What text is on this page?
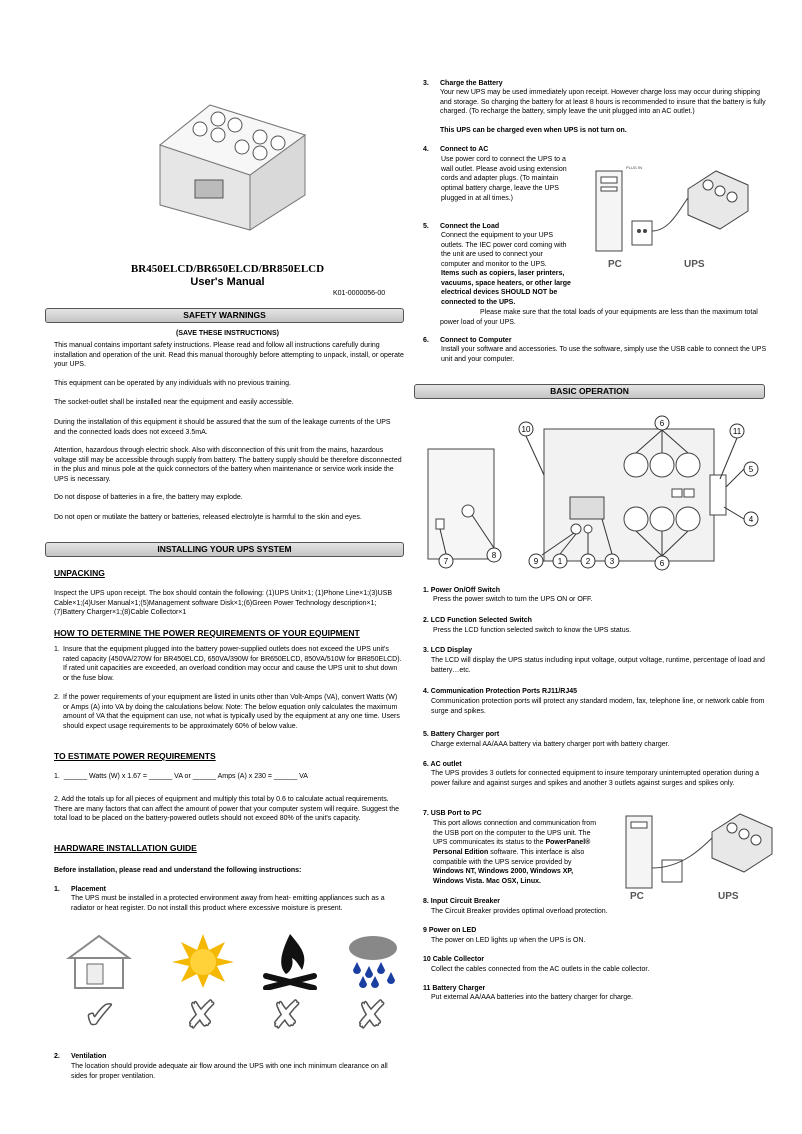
BR450ELCD/BR650ELCD/BR850ELCD
User's Manual
K01-0000056-00
SAFETY WARNINGS
(SAVE THESE INSTRUCTIONS)
This manual contains important safety instructions. Please read and follow all instructions carefully during installation and operation of the unit. Read this manual thoroughly before attempting to unpack, install, or operate your UPS.
This equipment can be operated by any individuals with no previous training.
The socket-outlet shall be installed near the equipment and easily accessible.
During the installation of this equipment it should be assured that the sum of the leakage currents of the UPS and the connected loads does not exceed 3.5mA.
Attention, hazardous through electric shock. Also with disconnection of this unit from the mains, hazardous voltage still may be accessible through supply from battery. The battery supply should be therefore disconnected in the plus and minus pole at the quick connectors of the battery when maintenance or service work inside the UPS is necessary.
Do not dispose of batteries in a fire, the battery may explode.
Do not open or mutilate the battery or batteries, released electrolyte is harmful to the skin and eyes.
INSTALLING YOUR UPS SYSTEM
UNPACKING
Inspect the UPS upon receipt. The box should contain the following: (1)UPS Unit×1; (1)Phone Line×1;(3)USB Cable×1;(4)User Manual×1;(5)Management software Disk×1;(6)Green Power Technology description×1;(7)Battery Charger×1;(8)Cable Collector×1
HOW TO DETERMINE THE POWER REQUIREMENTS OF YOUR EQUIPMENT
1. Insure that the equipment plugged into the battery power-supplied outlets does not exceed the UPS unit's rated capacity (450VA/270W for BR450ELCD, 650VA/390W for BR650ELCD, 850VA/510W for BR850ELCD). If rated unit capacities are exceeded, an overload condition may occur and cause the UPS unit to shut down or the fuse blow.
2. If the power requirements of your equipment are listed in units other than Volt-Amps (VA), convert Watts (W) or Amps (A) into VA by doing the calculations below. Note: The below equation only calculates the maximum amount of VA that the equipment can use, not what is typically used by the equipment at any one time. Users should expect usage requirements to be approximately 60% of below value.
TO ESTIMATE POWER REQUIREMENTS
1.  ______ Watts (W) x 1.67 = ______ VA or ______ Amps (A) x 230 = ______ VA
2. Add the totals up for all pieces of equipment and multiply this total by 0.6 to calculate actual requirements. There are many factors that can affect the amount of power that your computer system will require. Suggest the total load to be placed on the battery-powered outlets should not exceed 80% of the unit's capacity.
HARDWARE INSTALLATION GUIDE
Before installation, please read and understand the following instructions:
1. Placement
The UPS must be installed in a protected environment away from heat- emitting appliances such as a radiator or heat register. Do not install this product where excessive moisture is present.
✔ ✘ ✘ ✘
2. Ventilation
The location should provide adequate air flow around the UPS with one inch minimum clearance on all sides for proper ventilation.
3. Charge the Battery
Your new UPS may be used immediately upon receipt. However charge loss may occur during shipping and storage. So charging the battery for at least 8 hours is recommended to insure that the battery is fully charged. (To recharge the battery, simply leave the unit plugged into an AC outlet.)
This UPS can be charged even when UPS is not turn on.
4. Connect to AC
Use power cord to connect the UPS to a wall outlet. Please avoid using extension cords and adapter plugs. (To maintain optimal battery charge, leave the UPS plugged in at all times.)
PLUG IN
PC	UPS
5. Connect the Load
Connect the equipment to your UPS outlets. The IEC power cord coming with the unit are used to connect your computer and monitor to the UPS.
Items such as copiers, laser printers, vacuums, space heaters, or other large electrical devices SHOULD NOT be connected to the UPS.
Please make sure that the total loads of your equipments are less than the maximum total power load of your UPS.
6. Connect to Computer
Install your software and accessories. To use the software, simply use the USB cable to connect the UPS unit and your computer.
BASIC OPERATION
10
6
11
5
4
7
8
9 1	2 3	6
1. Power On/Off Switch
Press the power switch to turn the UPS ON or OFF.
2. LCD Function Selected Switch
Press the LCD function selected switch to know the UPS status.
3. LCD Display
The LCD will display the UPS status including input voltage, output voltage, runtime, percentage of load and battery…etc.
4. Communication Protection Ports RJ11/RJ45
Communication protection ports will protect any standard modem, fax, telephone line, or network cable from surge and spikes.
5. Battery Charger port
Charge external AA/AAA battery via battery charger port with battery charger.
6. AC outlet
The UPS provides 3 outlets for connected equipment to insure temporary uninterrupted operation during a power failure and against surges and spikes and another 3 outlets against surges and spikes only.
7. USB Port to PC
This port allows connection and communication from the USB port on the computer to the UPS unit. The UPS communicates its status to the PowerPanel® Personal Edition software. This interface is also compatible with the UPS service provided by Windows NT, Windows 2000, Windows XP, Windows Vista. Mac OSX, Linux.
PC	UPS
8. Input Circuit Breaker
The Circuit Breaker provides optimal overload protection.
9 Power on LED
The power on LED lights up when the UPS is ON.
10 Cable Collector
Collect the cables connected from the AC outlets in the cable collector.
11 Battery Charger
Put external AA/AAA batteries into the battery charger for charge.
